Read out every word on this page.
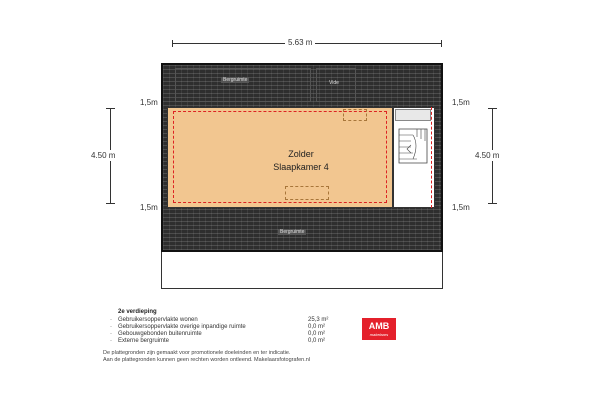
5.63 m
4.50 m
1,5m
1,5m
4.50 m
1,5m
1,5m
Bergruimte	Vide
Zolder
Slaapkamer 4
Bergruimte
2e verdieping
· Gebruikersoppervlakte wonen	25,3 m²
· Gebruikersoppervlakte overige inpandige ruimte	0,0 m²
· Gebouwgebonden buitenruimte	0,0 m²
· Externe bergruimte	0,0 m²
AMB
makelaars
De plattegronden zijn gemaakt voor promotionele doeleinden en ter indicatie.
Aan de plattegronden kunnen geen rechten worden ontleend. Makelaarsfotografen.nl
